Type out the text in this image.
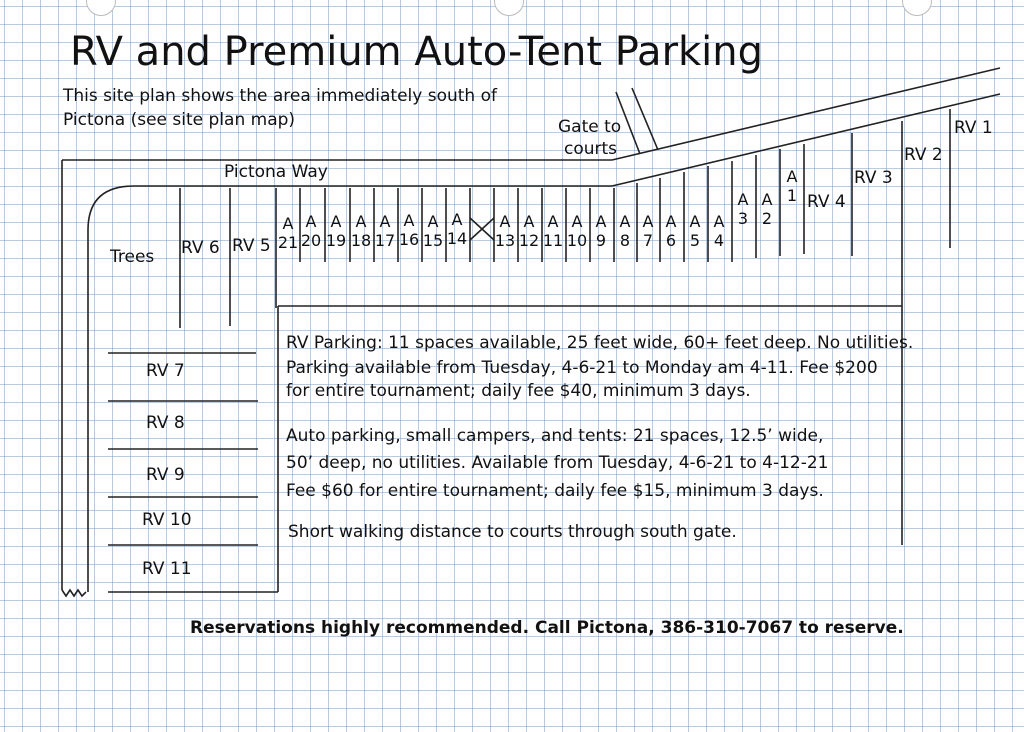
RV and Premium Auto-Tent Parking
This site plan shows the area immediately south of
Pictona (see site plan map)	Gate to
courts
Pictona Way
Trees
A
21
A
20
A
19
A
18
A
17
A
16
A
15
A
14
A
13
A
12
A
11
A
10
A
9
A
8
A
7
A
6
A
5
A
4
A
3
A
2
A
1
RV 6 RV 5
RV 4
RV 3
RV 2
RV 1
RV 7
RV 8
RV 9
RV 10
RV 11
RV Parking: 11 spaces available, 25 feet wide, 60+ feet deep. No utilities.
Parking available from Tuesday, 4-6-21 to Monday am 4-11. Fee $200
for entire tournament; daily fee $40, minimum 3 days.
Auto parking, small campers, and tents: 21 spaces, 12.5’ wide,
50’ deep, no utilities. Available from Tuesday, 4-6-21 to 4-12-21
Fee $60 for entire tournament; daily fee $15, minimum 3 days.
Short walking distance to courts through south gate.
Reservations highly recommended. Call Pictona, 386-310-7067 to reserve.
